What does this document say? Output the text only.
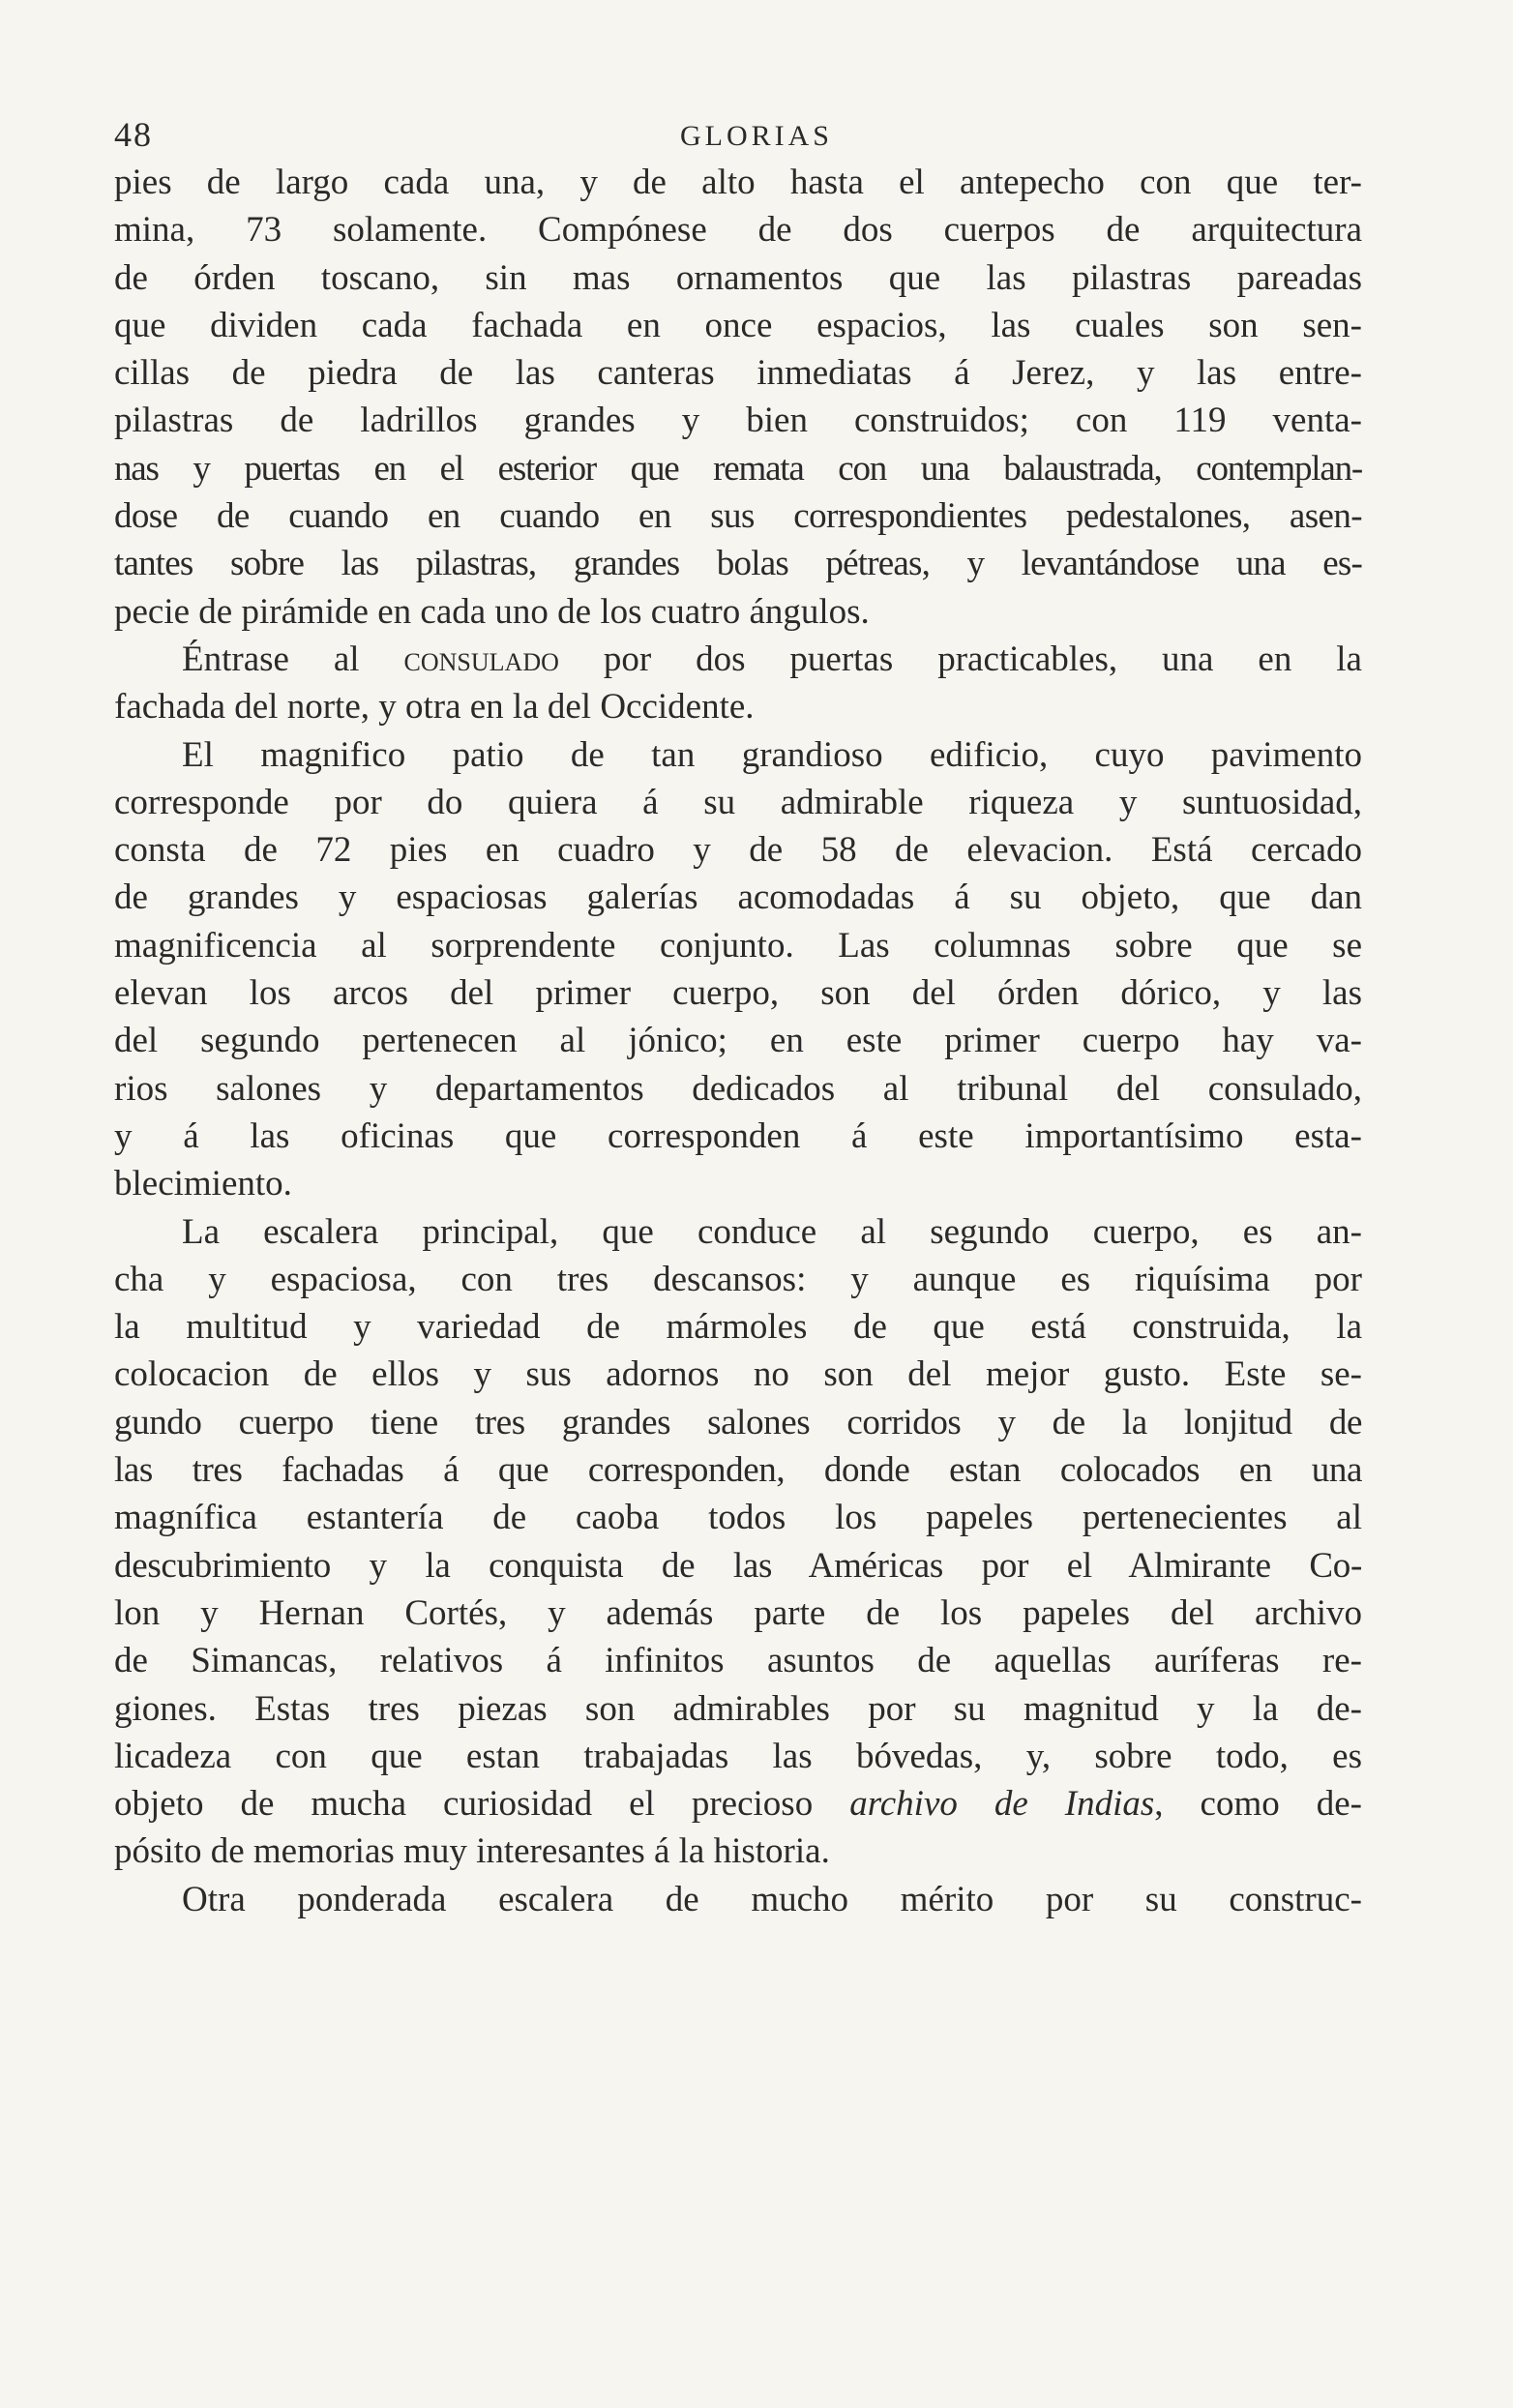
48	GLORIAS
pies de largo cada una, y de alto hasta el antepecho con que ter-
mina, 73 solamente. Compónese de dos cuerpos de arquitectura
de órden toscano, sin mas ornamentos que las pilastras pareadas
que dividen cada fachada en once espacios, las cuales son sen-
cillas de piedra de las canteras inmediatas á Jerez, y las entre-
pilastras de ladrillos grandes y bien construidos; con 119 venta-
nas y puertas en el esterior que remata con una balaustrada, contemplan-
dose de cuando en cuando en sus correspondientes pedestalones, asen-
tantes sobre las pilastras, grandes bolas pétreas, y levantándose una es-
pecie de pirámide en cada uno de los cuatro ángulos.
Éntrase al consulado por dos puertas practicables, una en la
fachada del norte, y otra en la del Occidente.
El magnifico patio de tan grandioso edificio, cuyo pavimento
corresponde por do quiera á su admirable riqueza y suntuosidad,
consta de 72 pies en cuadro y de 58 de elevacion. Está cercado
de grandes y espaciosas galerías acomodadas á su objeto, que dan
magnificencia al sorprendente conjunto. Las columnas sobre que se
elevan los arcos del primer cuerpo, son del órden dórico, y las
del segundo pertenecen al jónico; en este primer cuerpo hay va-
rios salones y departamentos dedicados al tribunal del consulado,
y á las oficinas que corresponden á este importantísimo esta-
blecimiento.
La escalera principal, que conduce al segundo cuerpo, es an-
cha y espaciosa, con tres descansos: y aunque es riquísima por
la multitud y variedad de mármoles de que está construida, la
colocacion de ellos y sus adornos no son del mejor gusto. Este se-
gundo cuerpo tiene tres grandes salones corridos y de la lonjitud de
las tres fachadas á que corresponden, donde estan colocados en una
magnífica estantería de caoba todos los papeles pertenecientes al
descubrimiento y la conquista de las Américas por el Almirante Co-
lon y Hernan Cortés, y además parte de los papeles del archivo
de Simancas, relativos á infinitos asuntos de aquellas auríferas re-
giones. Estas tres piezas son admirables por su magnitud y la de-
licadeza con que estan trabajadas las bóvedas, y, sobre todo, es
objeto de mucha curiosidad el precioso archivo de Indias, como de-
pósito de memorias muy interesantes á la historia.
Otra ponderada escalera de mucho mérito por su construc-
